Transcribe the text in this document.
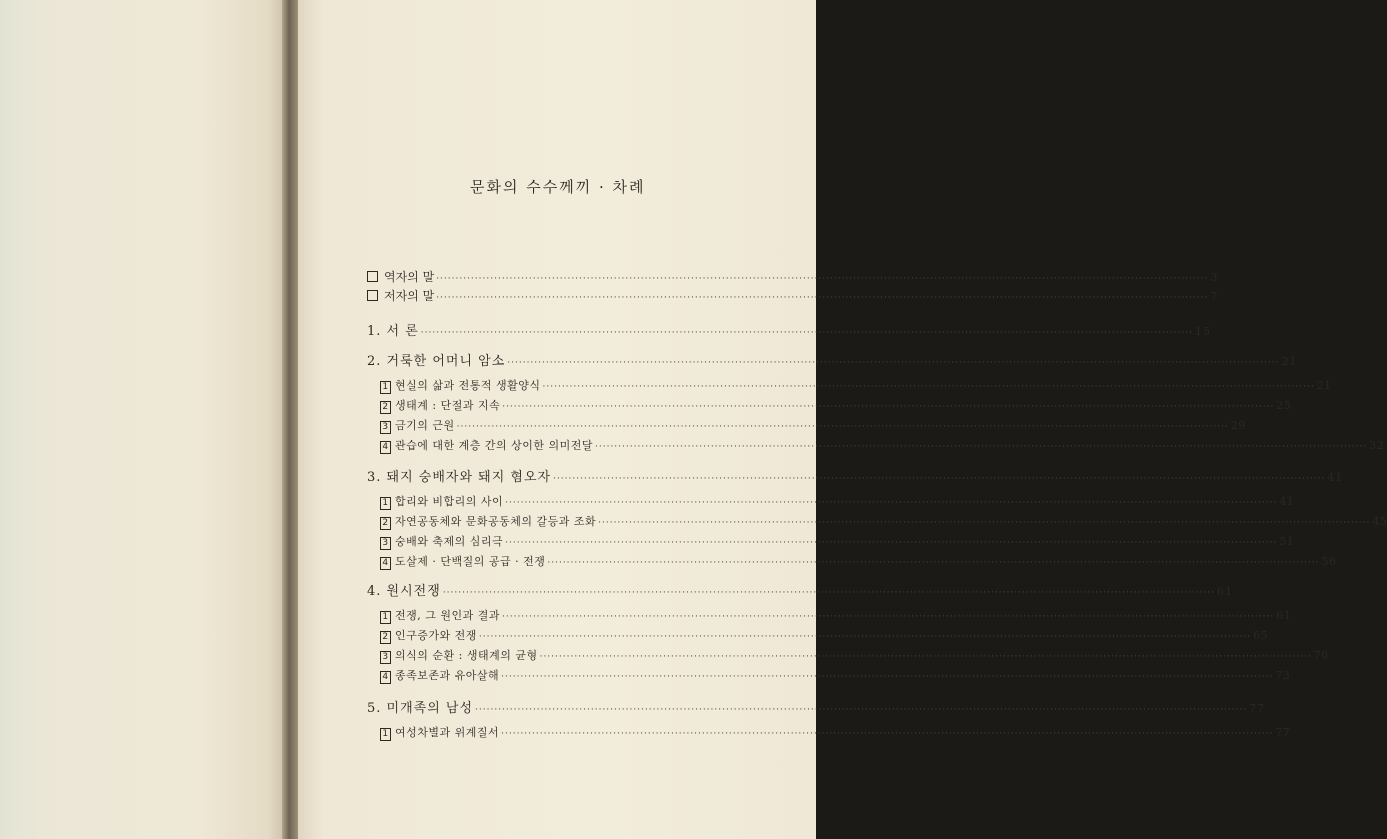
문화의 수수께끼 · 차례
역자의 말 ········································································································································································································ 3
저자의 말 ········································································································································································································ 7
1. 서 론 ········································································································································································································ 15
2. 거룩한 어머니 암소 ········································································································································································································ 21
1 현실의 삶과 전통적 생활양식 ········································································································································································································ 21
2 생태계 : 단절과 지속 ········································································································································································································ 25
3 금기의 근원 ········································································································································································································ 29
4 관습에 대한 계층 간의 상이한 의미전달 ········································································································································································································ 32
3. 돼지 숭배자와 돼지 혐오자 ········································································································································································································ 41
1 합리와 비합리의 사이 ········································································································································································································ 41
2 자연공동체와 문화공동체의 갈등과 조화 ········································································································································································································ 45
3 숭배와 축제의 심리극 ········································································································································································································ 51
4 도살제 · 단백질의 공급 · 전쟁 ········································································································································································································ 56
4. 원시전쟁 ········································································································································································································ 61
1 전쟁, 그 원인과 결과 ········································································································································································································ 61
2 인구증가와 전쟁 ········································································································································································································ 65
3 의식의 순환 : 생태계의 균형 ········································································································································································································ 70
4 종족보존과 유아살해 ········································································································································································································ 73
5. 미개족의 남성 ········································································································································································································ 77
1 여성차별과 위계질서 ········································································································································································································ 77
